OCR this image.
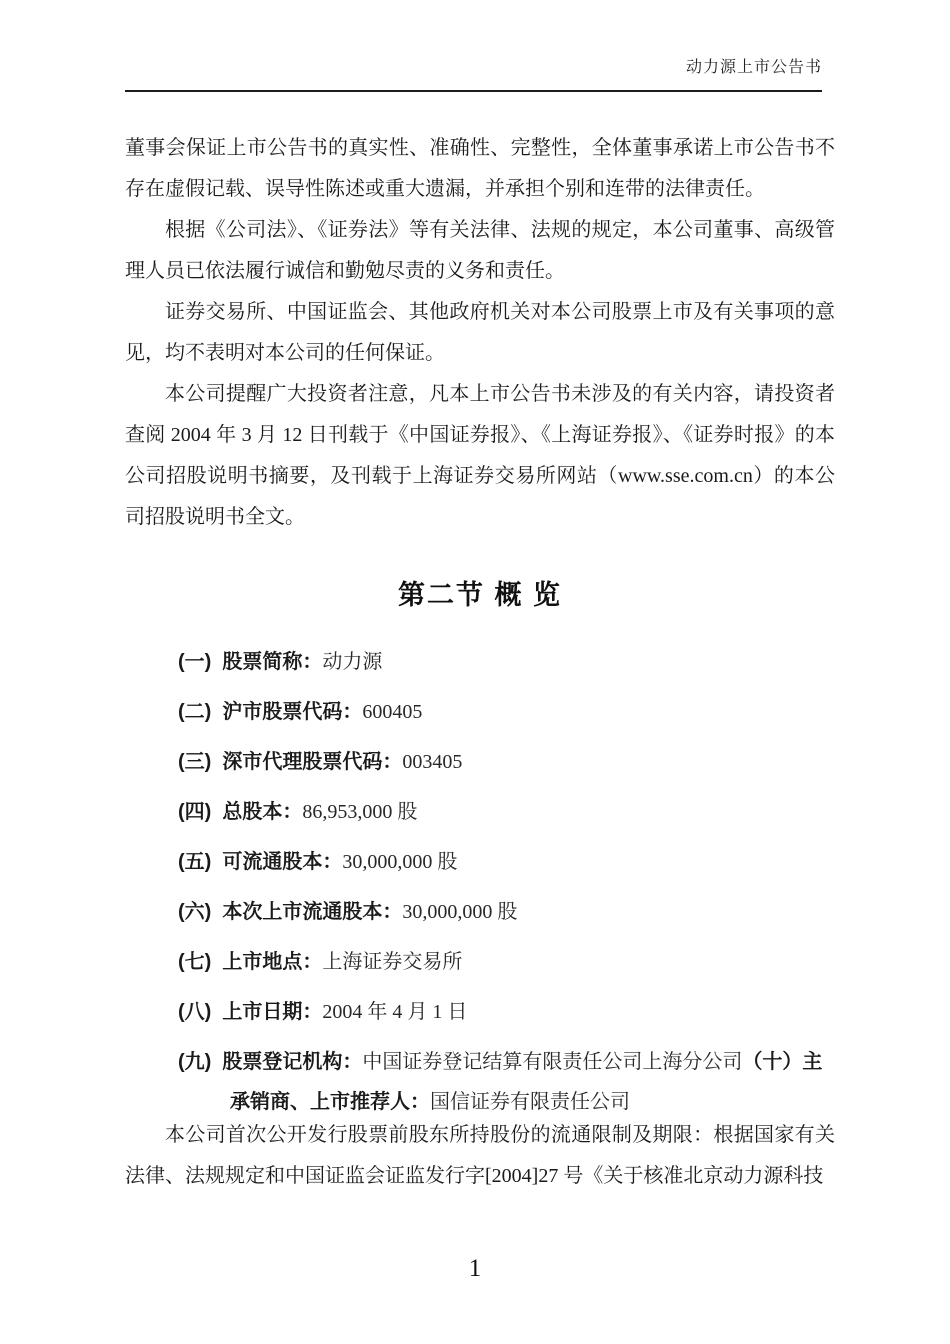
动力源上市公告书

董事会保证上市公告书的真实性、准确性、完整性，全体董事承诺上市公告书不存在虚假记载、误导性陈述或重大遗漏，并承担个别和连带的法律责任。

根据《公司法》、《证券法》等有关法律、法规的规定，本公司董事、高级管理人员已依法履行诚信和勤勉尽责的义务和责任。

证券交易所、中国证监会、其他政府机关对本公司股票上市及有关事项的意见，均不表明对本公司的任何保证。

本公司提醒广大投资者注意，凡本上市公告书未涉及的有关内容，请投资者查阅 2004 年 3 月 12 日刊载于《中国证券报》、《上海证券报》、《证券时报》的本公司招股说明书摘要，及刊载于上海证券交易所网站（www.sse.com.cn）的本公司招股说明书全文。

第二节 概 览
(一) 股票简称：动力源
(二) 沪市股票代码：600405
(三) 深市代理股票代码：003405
(四) 总股本：86,953,000 股
(五) 可流通股本：30,000,000 股
(六) 本次上市流通股本：30,000,000 股
(七) 上市地点：上海证券交易所
(八) 上市日期：2004 年 4 月 1 日
(九) 股票登记机构：中国证券登记结算有限责任公司上海分公司（十）主
承销商、上市推荐人：国信证券有限责任公司

本公司首次公开发行股票前股东所持股份的流通限制及期限：根据国家有关法律、法规规定和中国证监会证监发行字[2004]27 号《关于核准北京动力源科技

1
